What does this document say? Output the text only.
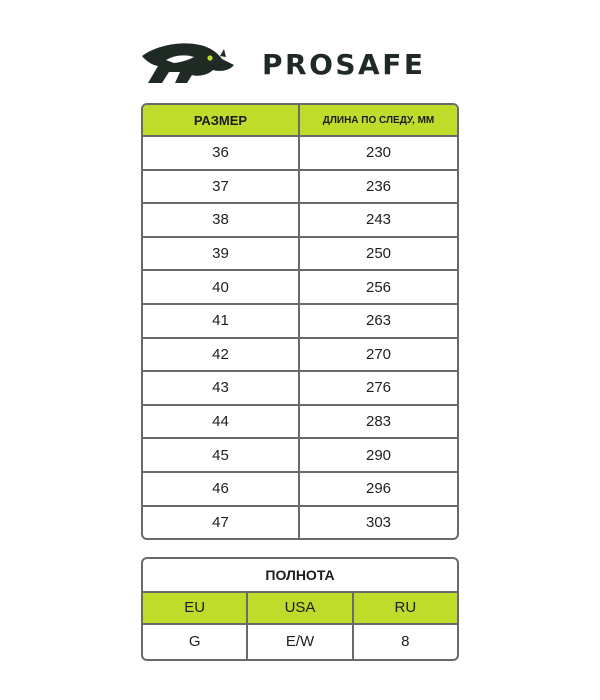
PROSAFE
РАЗМЕР	ДЛИНА ПО СЛЕДУ, ММ
36	230
37	236
38	243
39	250
40	256
41	263
42	270
43	276
44	283
45	290
46	296
47	303
ПОЛНОТА
EU	USA	RU
G	E/W	8
